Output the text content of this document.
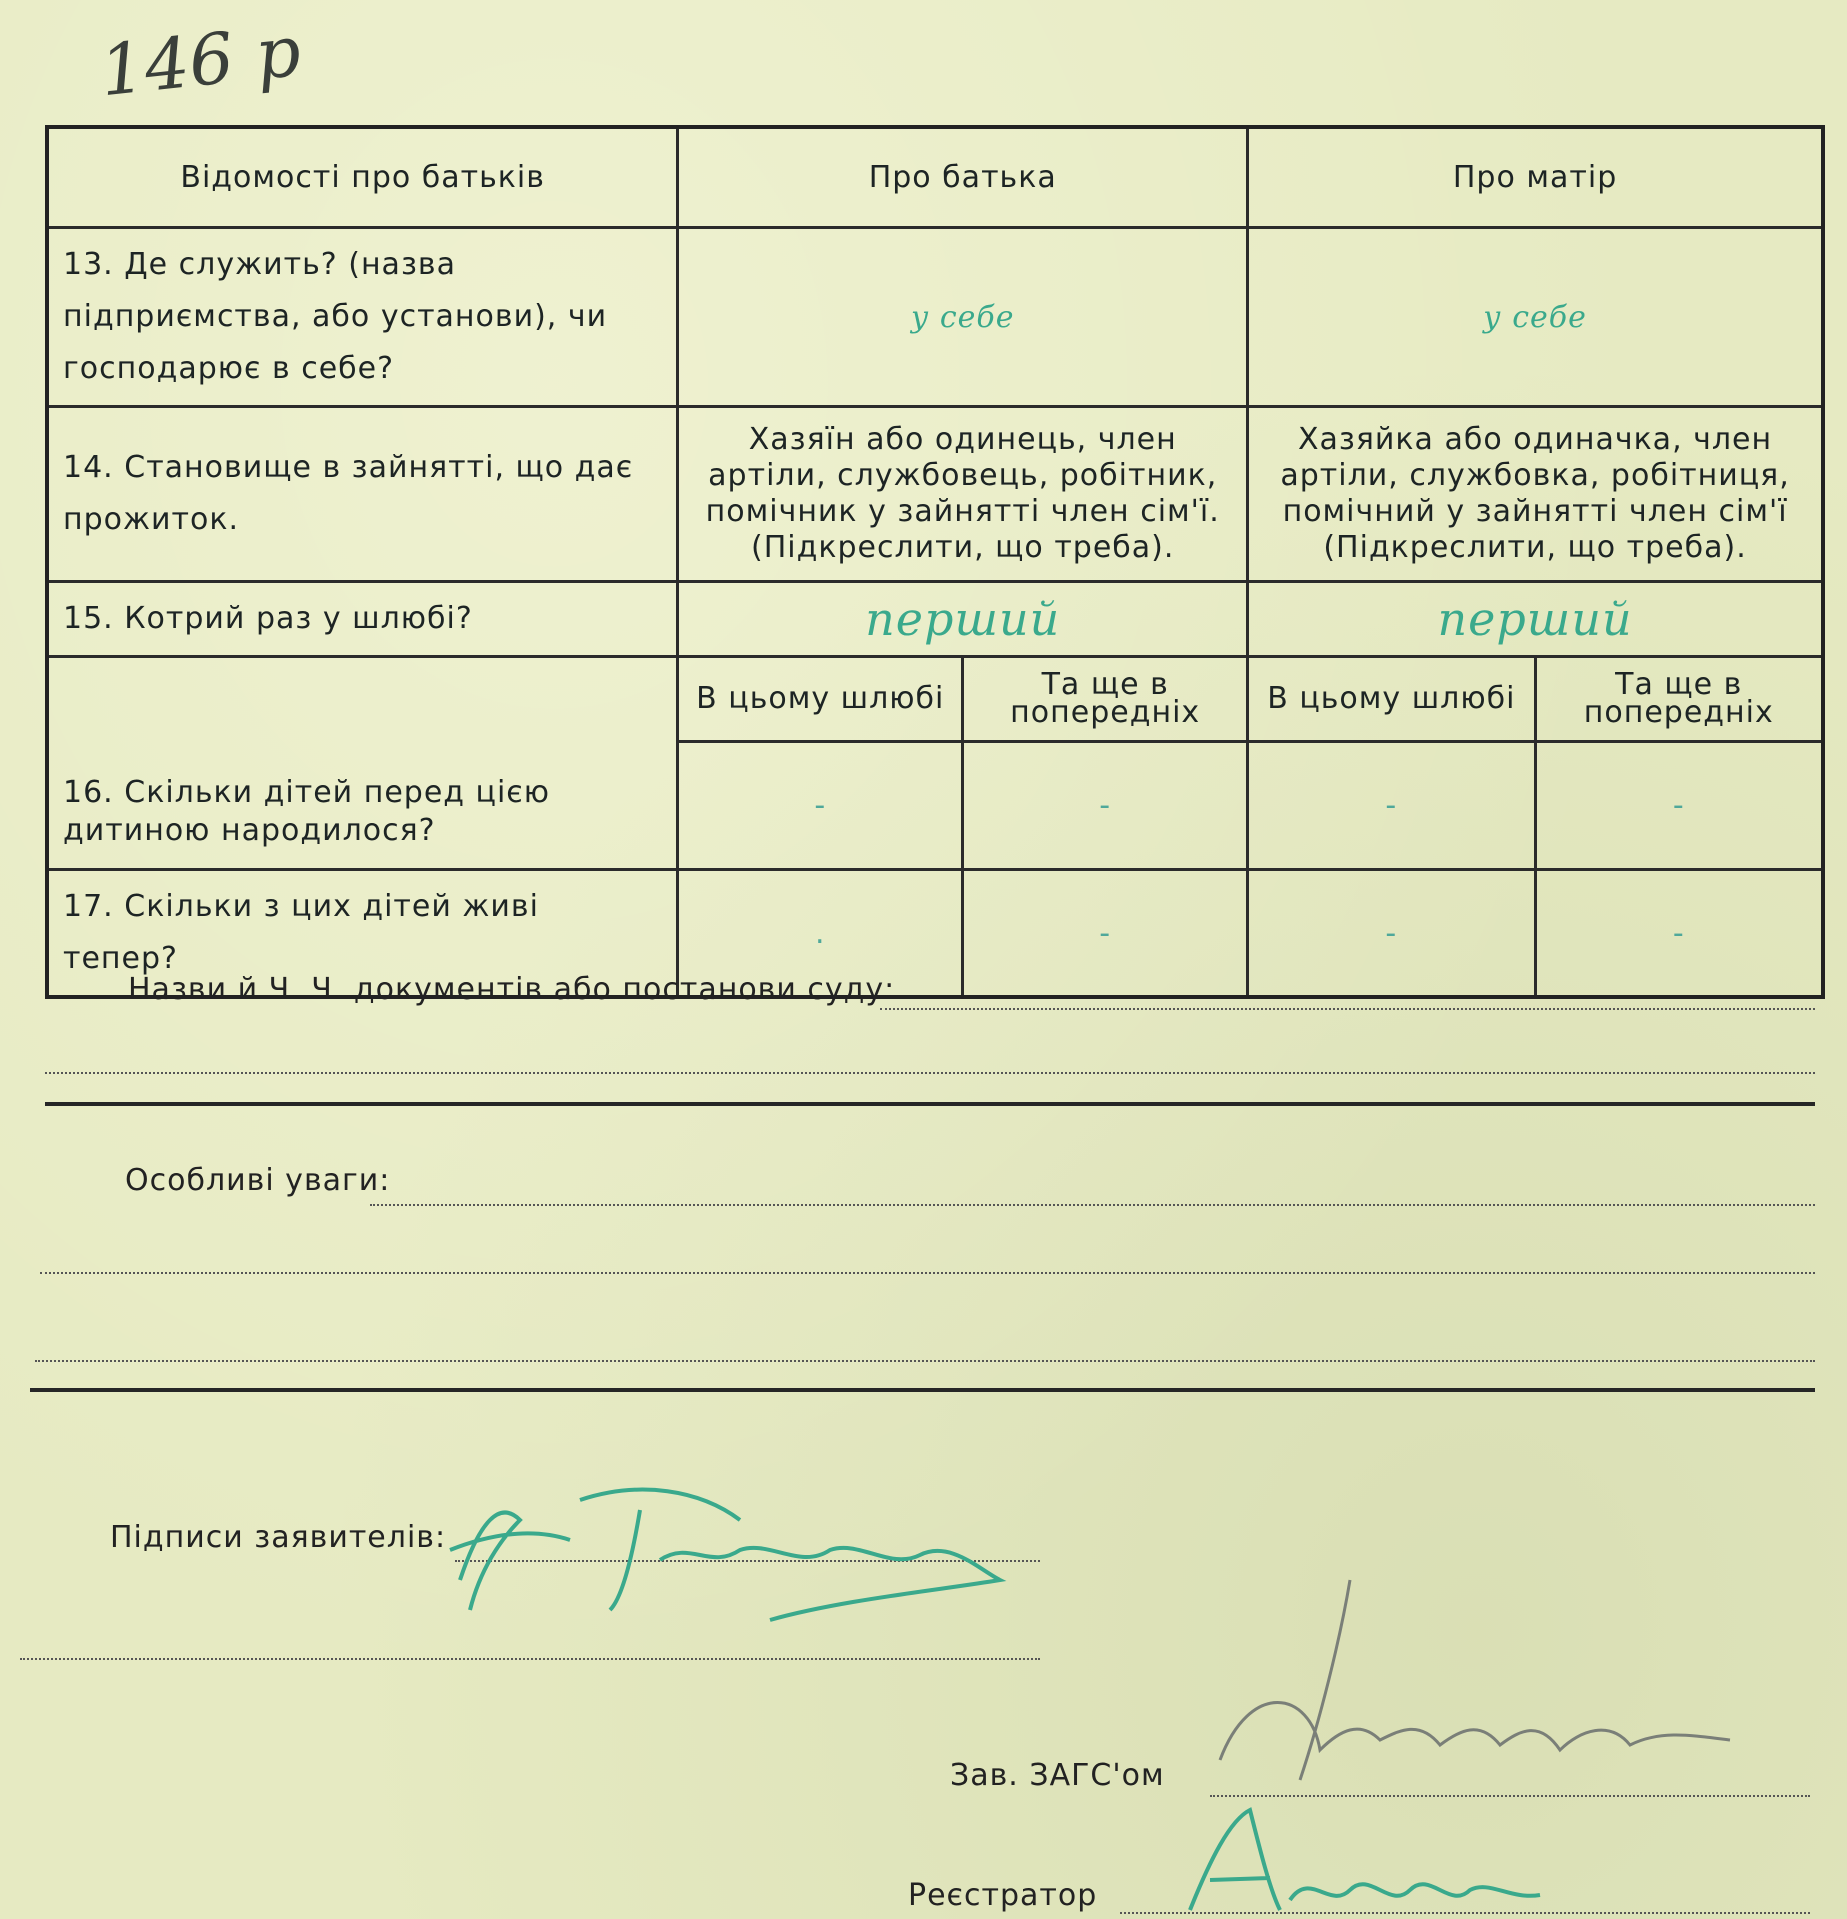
146 р
Відомості про батьків	Про батька		Про матір	
13. Де служить? (назва підприємства, або установи), чи господарює в себе?	у себе		у себе	
14. Становище в зайнятті, що дає прожиток.	Хазяїн або одинець, член артіли, службовець, робітник, помічник у зайнятті член сім'ї. (Підкреслити, що треба).		Хазяйка або одиначка, член артіли, службовка, робітниця, помічний у зайнятті член сім'ї (Підкреслити, що треба).	
15. Котрий раз у шлюбі?	перший		перший	
16. Скільки дітей перед цією дитиною народилося?	В цьому шлюбі	Та ще в попередніх	В цьому шлюбі	Та ще в попередніх
	-	-	-	-
17. Скільки з цих дітей живі тепер?	.	-	-	-
Назви й Ч. Ч. документів або постанови суду:
Особливі уваги:
Підписи заявителів:
Зав. ЗАГС'ом
Реєстратор
